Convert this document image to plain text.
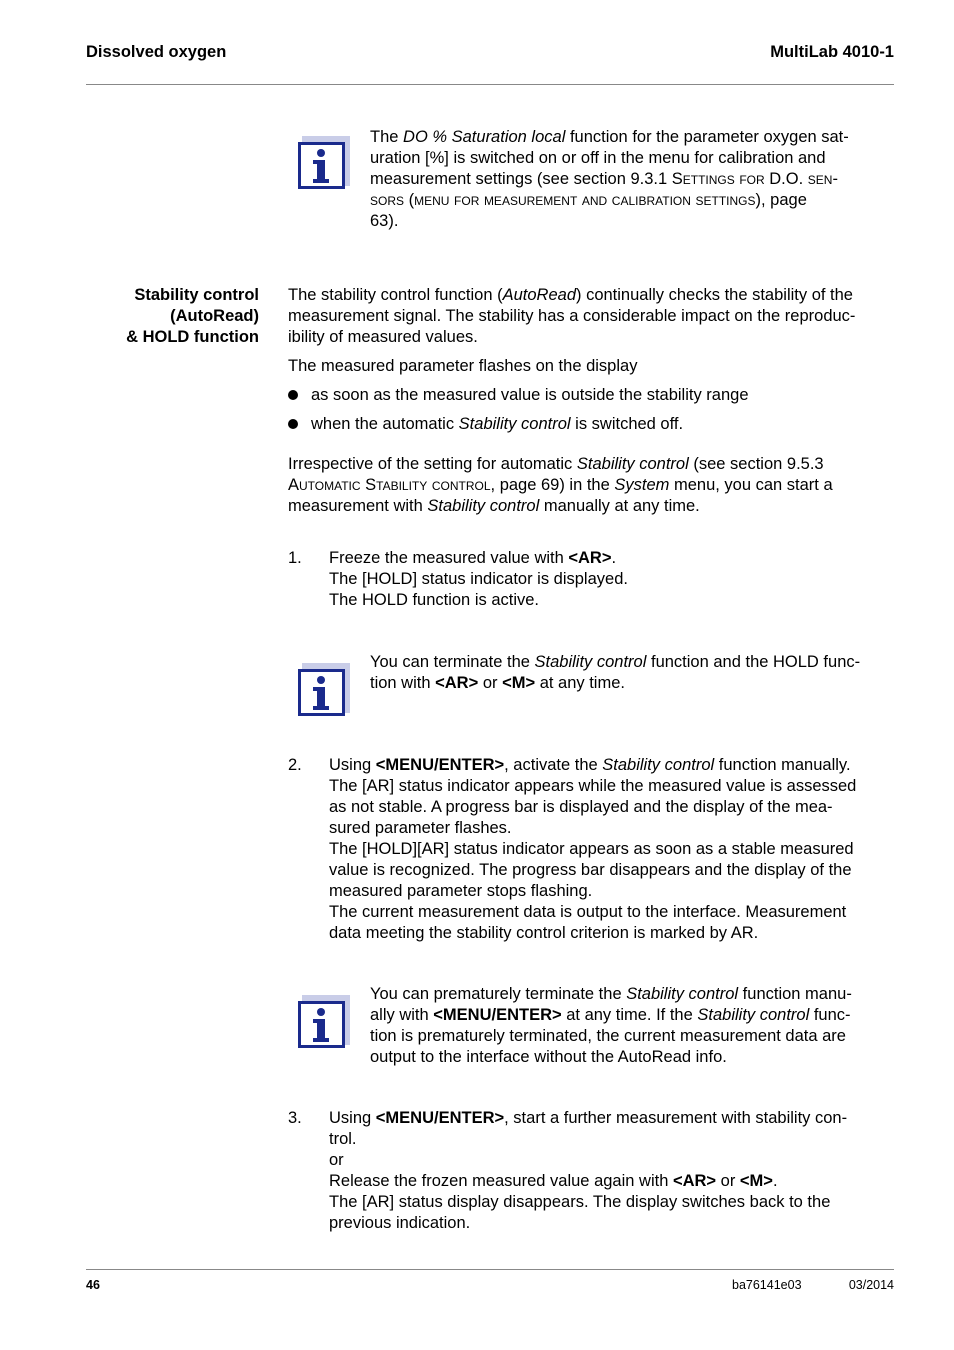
Dissolved oxygen	MultiLab 4010-1

The DO % Saturation local function for the parameter oxygen sat-

uration [%] is switched on or off in the menu for calibration and

measurement settings (see section 9.3.1 Settings for D.O. sen-

sors (menu for measurement and calibration settings), page

63).

Stability control
(AutoRead)
& HOLD function

The stability control function (AutoRead) continually checks the stability of the

measurement signal. The stability has a considerable impact on the reproduc-

ibility of measured values.

The measured parameter flashes on the display
as soon as the measured value is outside the stability range
when the automatic Stability control is switched off.

Irrespective of the setting for automatic Stability control (see section 9.5.3

Automatic Stability control, page 69) in the System menu, you can start a

measurement with Stability control manually at any time.

1. Freeze the measured value with <AR>.

The [HOLD] status indicator is displayed.

The HOLD function is active.

You can terminate the Stability control function and the HOLD func-

tion with <AR> or <M> at any time.

2. Using <MENU/ENTER>, activate the Stability control function manually.

The [AR] status indicator appears while the measured value is assessed

as not stable. A progress bar is displayed and the display of the mea-

sured parameter flashes.

The [HOLD][AR] status indicator appears as soon as a stable measured

value is recognized. The progress bar disappears and the display of the

measured parameter stops flashing.

The current measurement data is output to the interface. Measurement

data meeting the stability control criterion is marked by AR.

You can prematurely terminate the Stability control function manu-

ally with <MENU/ENTER> at any time. If the Stability control func-

tion is prematurely terminated, the current measurement data are

output to the interface without the AutoRead info.

3. Using <MENU/ENTER>, start a further measurement with stability con-

trol.

or

Release the frozen measured value again with <AR> or <M>.

The [AR] status display disappears. The display switches back to the

previous indication.

46	ba76141e03	03/2014
